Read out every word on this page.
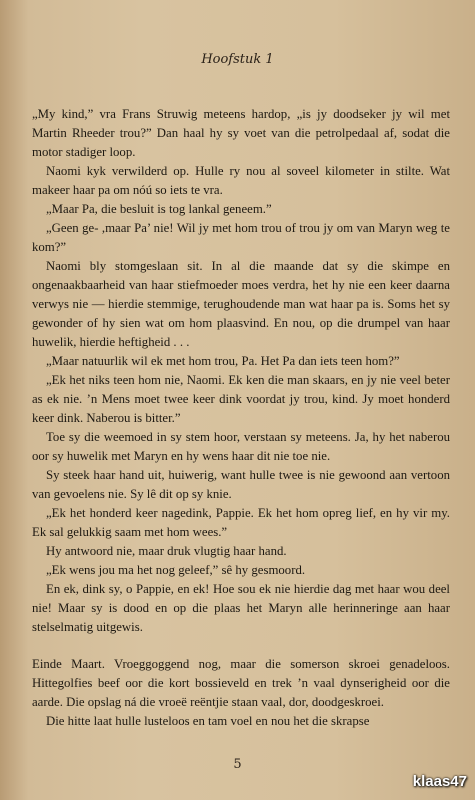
Hoofstuk 1

„My kind,” vra Frans Struwig meteens hardop, „is jy doodseker jy wil met Martin Rheeder trou?” Dan haal hy sy voet van die petrolpedaal af, sodat die motor stadiger loop.

Naomi kyk verwilderd op. Hulle ry nou al soveel kilometer in stilte. Wat makeer haar pa om nóú so iets te vra.

„Maar Pa, die besluit is tog lankal geneem.”

„Geen ge- ,maar Pa’ nie! Wil jy met hom trou of trou jy om van Maryn weg te kom?”

Naomi bly stomgeslaan sit. In al die maande dat sy die skimpe en ongenaakbaarheid van haar stiefmoeder moes verdra, het hy nie een keer daarna verwys nie — hierdie stemmige, terughoudende man wat haar pa is. Soms het sy gewonder of hy sien wat om hom plaasvind. En nou, op die drumpel van haar huwelik, hierdie heftigheid . . .

„Maar natuurlik wil ek met hom trou, Pa. Het Pa dan iets teen hom?”

„Ek het niks teen hom nie, Naomi. Ek ken die man skaars, en jy nie veel beter as ek nie. ’n Mens moet twee keer dink voordat jy trou, kind. Jy moet honderd keer dink. Naberou is bitter.”

Toe sy die weemoed in sy stem hoor, verstaan sy meteens. Ja, hy het naberou oor sy huwelik met Maryn en hy wens haar dit nie toe nie.

Sy steek haar hand uit, huiwerig, want hulle twee is nie gewoond aan vertoon van gevoelens nie. Sy lê dit op sy knie.

„Ek het honderd keer nagedink, Pappie. Ek het hom opreg lief, en hy vir my. Ek sal gelukkig saam met hom wees.”

Hy antwoord nie, maar druk vlugtig haar hand.

„Ek wens jou ma het nog geleef,” sê hy gesmoord.

En ek, dink sy, o Pappie, en ek! Hoe sou ek nie hierdie dag met haar wou deel nie! Maar sy is dood en op die plaas het Maryn alle herinneringe aan haar stelselmatig uitgewis.

Einde Maart. Vroeggoggend nog, maar die somerson skroei genadeloos. Hittegolfies beef oor die kort bossieveld en trek ’n vaal dynserigheid oor die aarde. Die opslag ná die vroeë reëntjie staan vaal, dor, doodgeskroei.

Die hitte laat hulle lusteloos en tam voel en nou het die skrapse

5
klaas47
